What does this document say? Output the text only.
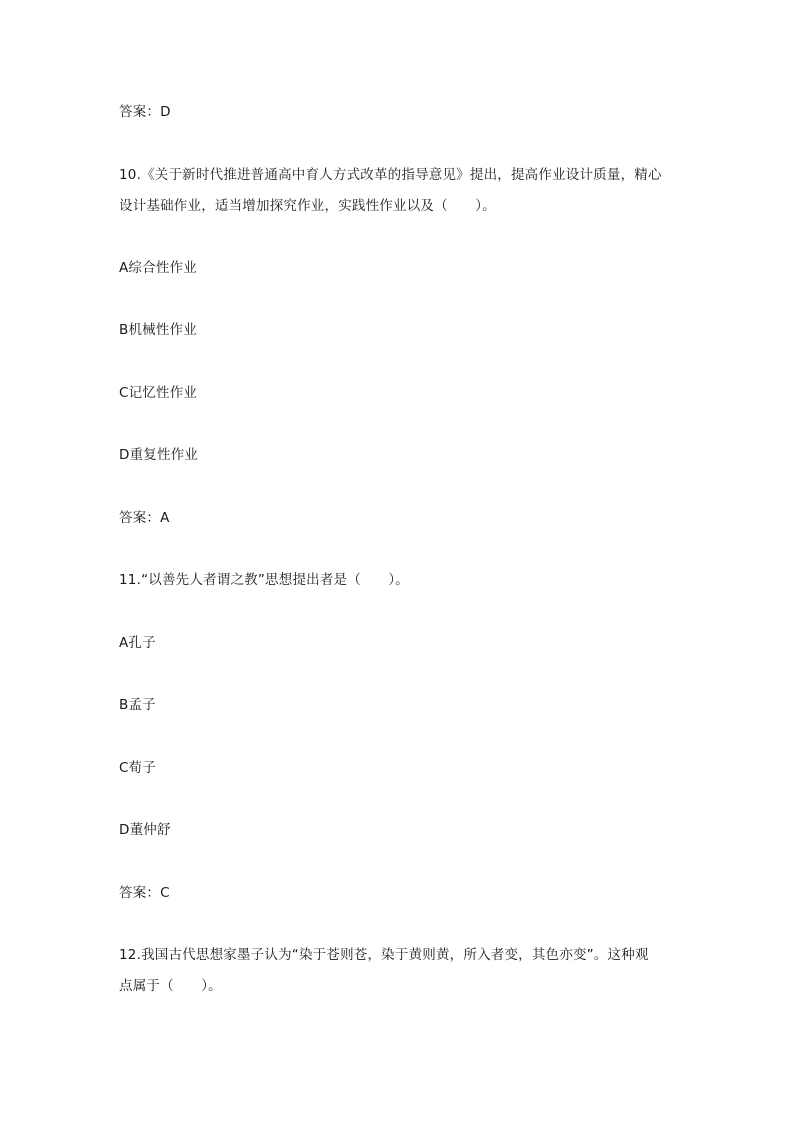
答案：D
10.《关于新时代推进普通高中育人方式改革的指导意见》提出，提高作业设计质量，精心
设计基础作业，适当增加探究作业，实践性作业以及（　　）。
A综合性作业
B机械性作业
C记忆性作业
D重复性作业
答案：A
11.“以善先人者谓之教”思想提出者是（　　）。
A孔子
B孟子
C荀子
D董仲舒
答案：C
12.我国古代思想家墨子认为“染于苍则苍，染于黄则黄，所入者变，其色亦变”。这种观
点属于（　　）。
